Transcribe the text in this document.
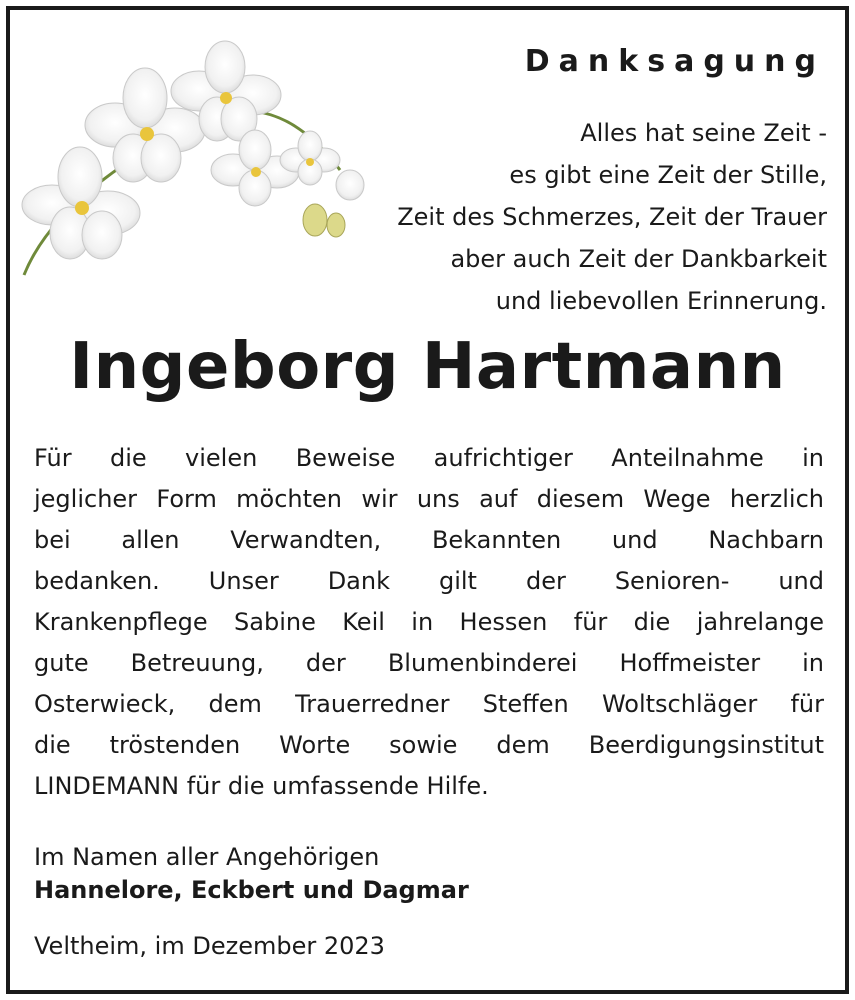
Danksagung
Alles hat seine Zeit -
es gibt eine Zeit der Stille,
Zeit des Schmerzes, Zeit der Trauer
aber auch Zeit der Dankbarkeit
und liebevollen Erinnerung.
Ingeborg Hartmann
Für die vielen Beweise aufrichtiger Anteilnahme in
jeglicher Form möchten wir uns auf diesem Wege herzlich
bei allen Verwandten, Bekannten und Nachbarn
bedanken. Unser Dank gilt der Senioren- und
Krankenpflege Sabine Keil in Hessen für die jahrelange
gute Betreuung, der Blumenbinderei Hoffmeister in
Osterwieck, dem Trauerredner Steffen Woltschläger für
die tröstenden Worte sowie dem Beerdigungsinstitut
LINDEMANN für die umfassende Hilfe.
Im Namen aller Angehörigen
Hannelore, Eckbert und Dagmar
Veltheim, im Dezember 2023
